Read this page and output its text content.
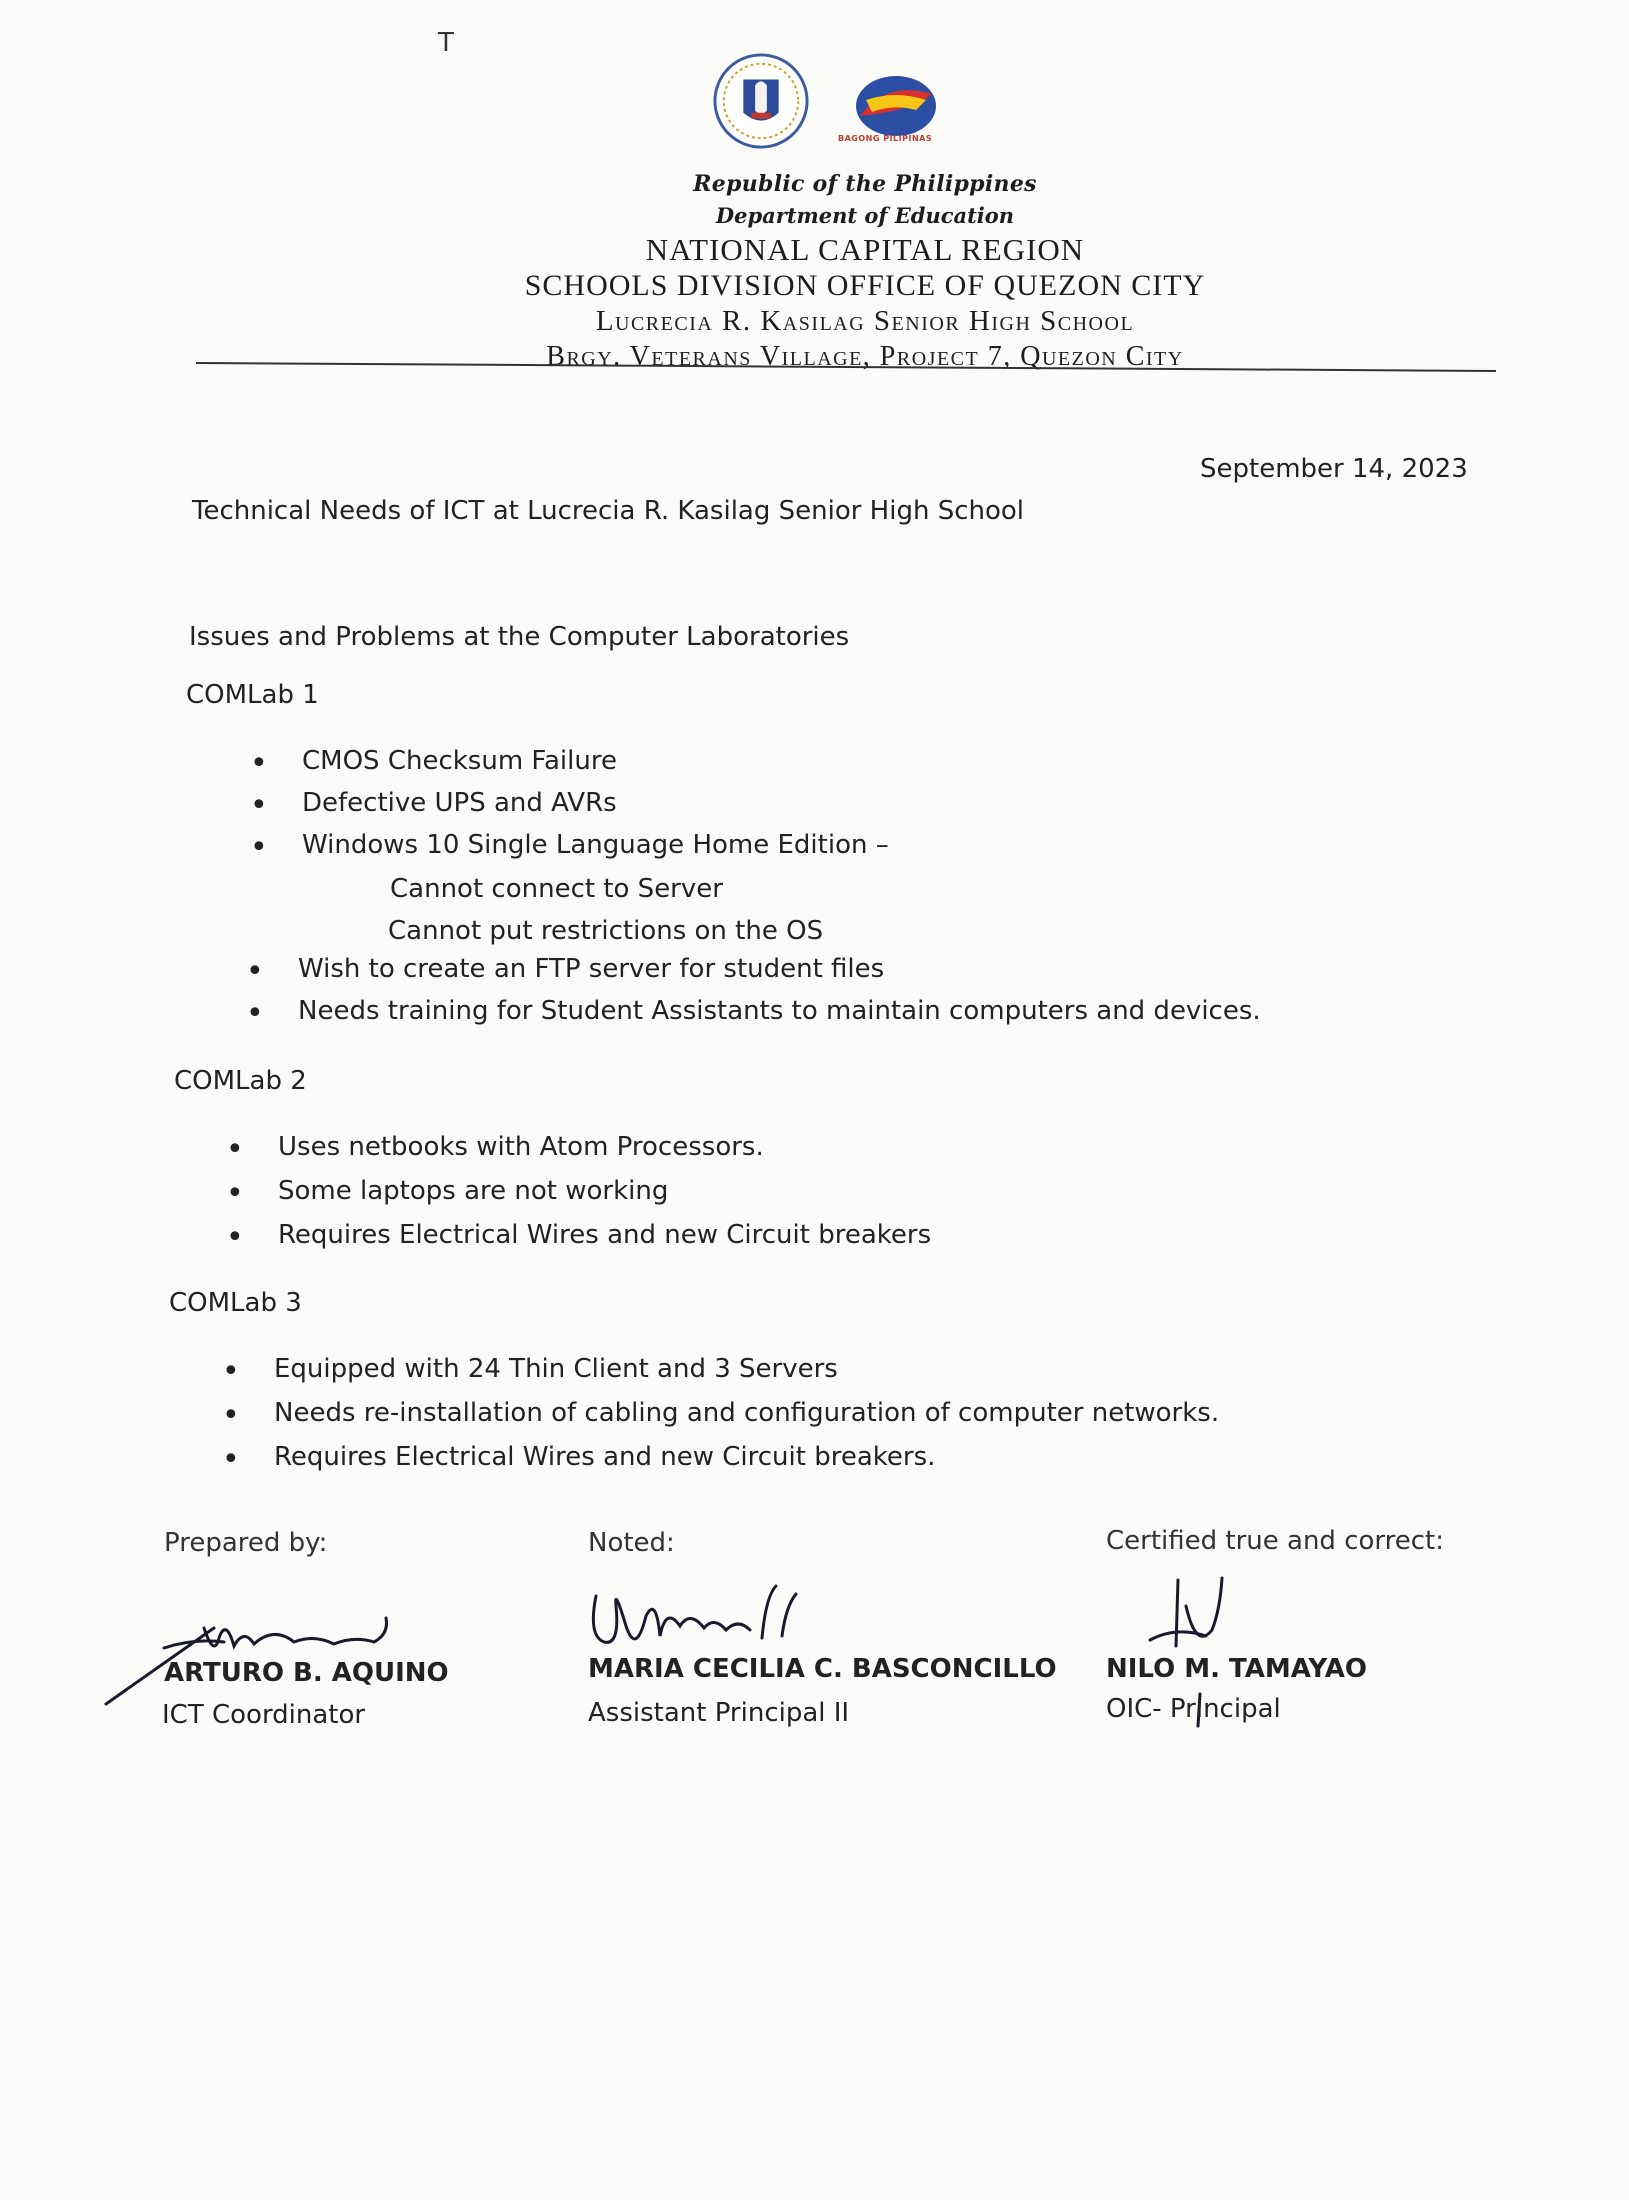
T
BAGONG PILIPINAS
Republic of the Philippines
Department of Education
NATIONAL CAPITAL REGION
SCHOOLS DIVISION OFFICE OF QUEZON CITY
Lucrecia R. Kasilag Senior High School
Brgy. Veterans Village, Project 7, Quezon City
September 14, 2023
Technical Needs of ICT at Lucrecia R. Kasilag Senior High School
Issues and Problems at the Computer Laboratories
COMLab 1
• CMOS Checksum Failure
• Defective UPS and AVRs
• Windows 10 Single Language Home Edition –
• Wish to create an FTP server for student files
• Needs training for Student Assistants to maintain computers and devices.
Cannot connect to Server
Cannot put restrictions on the OS
COMLab 2
• Uses netbooks with Atom Processors.
• Some laptops are not working
• Requires Electrical Wires and new Circuit breakers
COMLab 3
• Equipped with 24 Thin Client and 3 Servers
• Needs re-installation of cabling and configuration of computer networks.
• Requires Electrical Wires and new Circuit breakers.
Prepared by:
ARTURO B. AQUINO
ICT Coordinator
Noted:
MARIA CECILIA C. BASCONCILLO
Assistant Principal II
Certified true and correct:
NILO M. TAMAYAO
OIC- Principal
